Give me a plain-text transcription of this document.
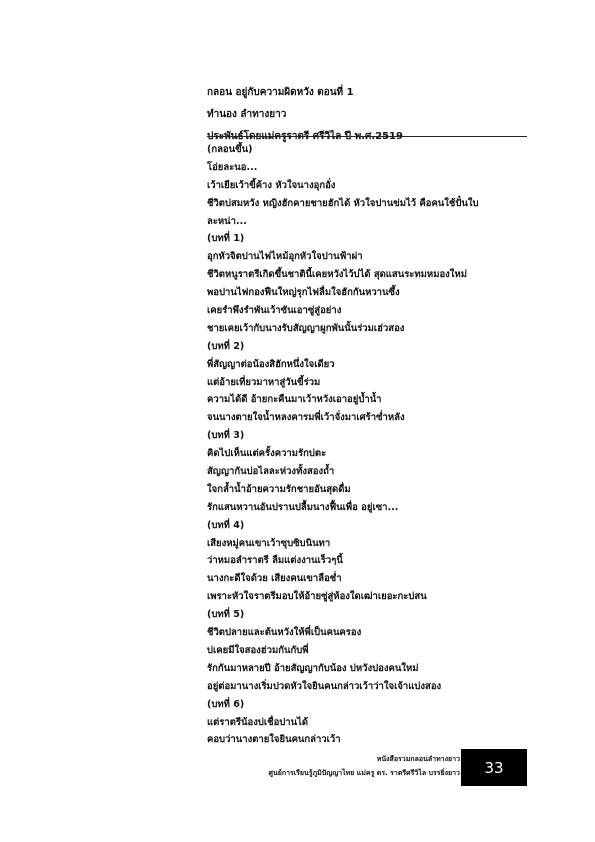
กลอน อยู่กับความผิดหวัง ตอนที่ 1
ทำนอง ลำทางยาว
ประพันธ์โดยแม่ครูราตรี ศรีวิไล ปี พ.ศ.2519
(กลอนขึ้น)
โอ่ยละนอ...
เว้าเยียเว้าขี้ค้าง หัวใจนางอุกอั่ง
ชีวิตบ่สมหวัง หญิงฮักคายชายฮักได้ หัวใจปานข่มไว้ คือคนใช้ปั๋นใบ
ละหน่า...
(บทที่ 1)
อุกหัวจิตปานไฟไหม้อุกหัวใจปานฟ้าผ่า
ชีวิตหนูราตรีเกิดขึ้นชาตินี้เคยหวังไว้บ่ได้ สุดแสนระทมหมองใหม่
พอปานไฟกองฟืนใหญ่รุกไฟลื่มใจฮักกันหวานซึ้ง
เคยรำพึงรำพันเว้าซันเอาซู่สู่อย่าง
ชายเคยเว้ากับนางรับสัญญาผูกพันนั้นร่วมเฮ่วสอง
(บทที่ 2)
พี่สัญญาต่อน้องสิฮักหนึ่งใจเดียว
แต่อ้ายเที่ยวมาหาสู่วันขี้ร่วม
ความได้ดี อ้ายกะคืนมาเว้าหวังเอาอยู่บ้ำน้ำ
จนนางตายใจน้ำหลงคารมพี่เว้าจั่งมาเศร้าซ่ำหลัง
(บทที่ 3)
คิดไปเห็นแต่ครั้งความรักบ่ตะ
สัญญากันบ่อไลละห่วงทั้งสองถ้ำ
ใจกล้ำน้ำอ้ายความรักชายอันสุดดื่ม
รักแสนหวานอันปรานปลื้มนางฟื้นเพื่อ อยู่เซา...
(บทที่ 4)
เสียงหมู่คนเขาเว้าซุบซิบนินทา
ว่าหมอลำราตรี ลืมแต่งงานเร็วๆนี้
นางกะดีใจด้วย เสียงคนเขาลือช่ำ
เพราะหัวใจราตรีมอบให้อ้ายซู่สู่ห้องใดเฒ่าเยอะกะบ่สน
(บทที่ 5)
ชีวิตปลายและต้นหวังให้พี่เป็นคนครอง
บ่เคยมีใจสองฮ่วมกันกับพี่
รักกันมาหลายปี อ้ายสัญญากับน้อง บ่หวังปองคนใหม่
อยู่ต่อมานางเริ่มปวดหัวใจยินคนกล่าวเว้าว่าใจเจ้าแบ่งสอง
(บทที่ 6)
แต่ราตรีน้องบ่เชื่อปานได้
คอบว่านางตายใจยินคนกล่าวเว้า
หนังสือรวมกลอนลำทางยาว
ศูนย์การเรียนรู้ภูมิปัญญาไทย แม่ครู ดร. ราตรีศรีวิไล บรรยิ่งยาว 33
